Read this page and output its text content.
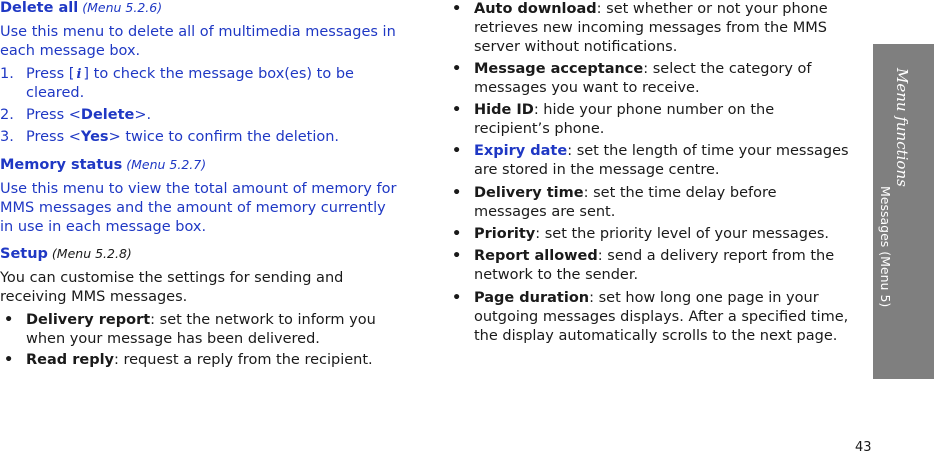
Delete all (Menu 5.2.6)
Use this menu to delete all of multimedia messages in
each message box.
1. Press [ i ] to check the message box(es) to be
cleared.
2. Press <Delete>.
3. Press <Yes> twice to confirm the deletion.
Memory status (Menu 5.2.7)
Use this menu to view the total amount of memory for
MMS messages and the amount of memory currently
in use in each message box.
Setup (Menu 5.2.8)
You can customise the settings for sending and
receiving MMS messages.
• Delivery report: set the network to inform you
when your message has been delivered.
• Read reply: request a reply from the recipient.
• Auto download: set whether or not your phone
retrieves new incoming messages from the MMS
server without notifications.
• Message acceptance: select the category of
messages you want to receive.
• Hide ID: hide your phone number on the
recipient’s phone.
• Expiry date: set the length of time your messages
are stored in the message centre.
• Delivery time: set the time delay before
messages are sent.
• Priority: set the priority level of your messages.
• Report allowed: send a delivery report from the
network to the sender.
• Page duration: set how long one page in your
outgoing messages displays. After a specified time,
the display automatically scrolls to the next page.
Menu functions
Messages (Menu 5)
43
